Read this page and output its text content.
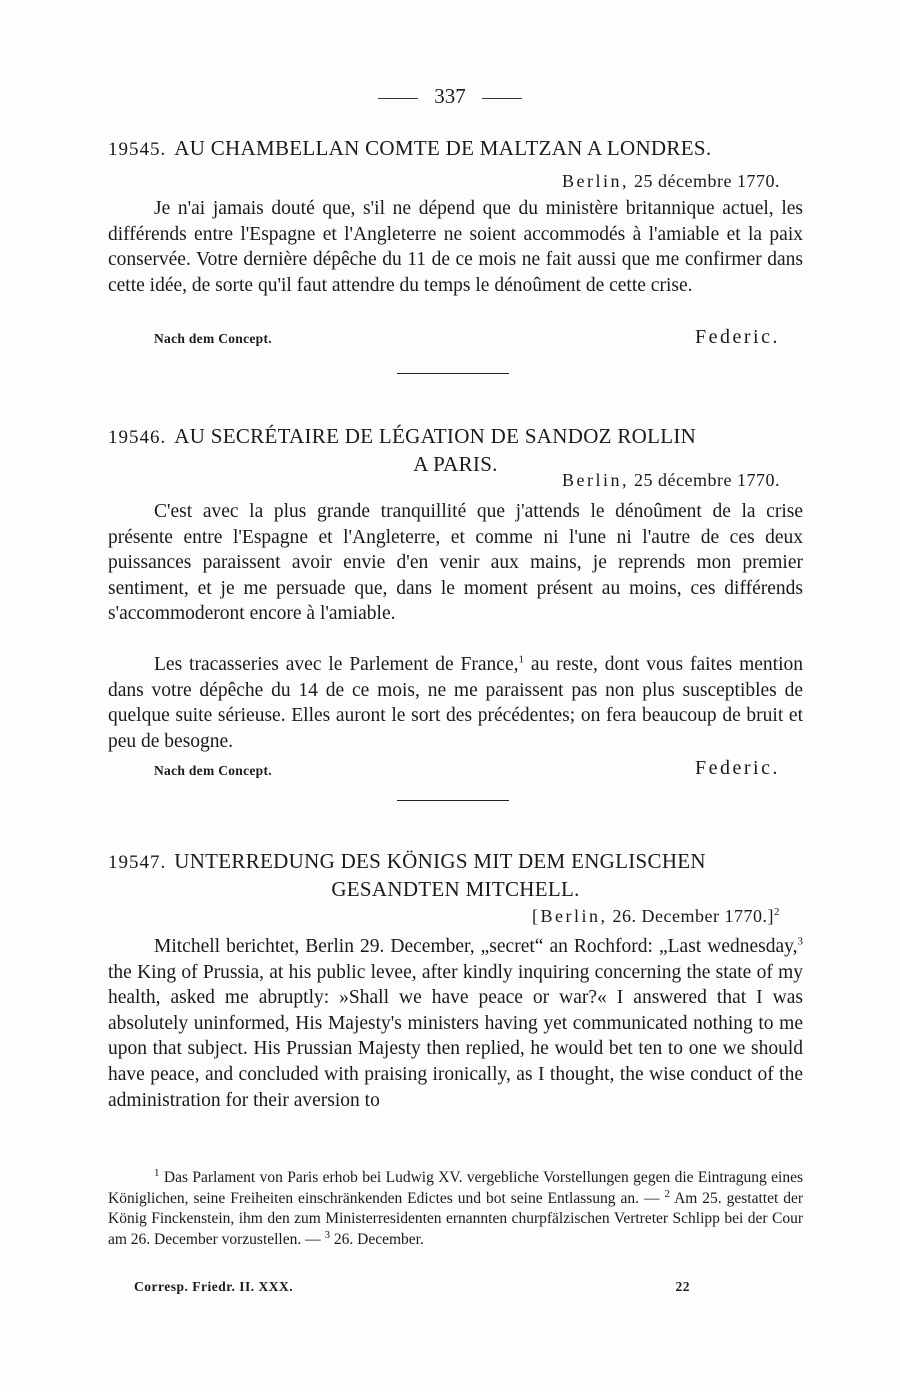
337
19545. AU CHAMBELLAN COMTE DE MALTZAN A LONDRES.
Berlin, 25 décembre 1770.

Je n'ai jamais douté que, s'il ne dépend que du ministère britannique actuel, les différends entre l'Espagne et l'Angleterre ne soient accommodés à l'amiable et la paix conservée. Votre dernière dépêche du 11 de ce mois ne fait aussi que me confirmer dans cette idée, de sorte qu'il faut attendre du temps le dénoûment de cette crise.

Nach dem Concept.	Federic.
19546. AU SECRÉTAIRE DE LÉGATION DE SANDOZ ROLLIN
A PARIS.
Berlin, 25 décembre 1770.

C'est avec la plus grande tranquillité que j'attends le dénoûment de la crise présente entre l'Espagne et l'Angleterre, et comme ni l'une ni l'autre de ces deux puissances paraissent avoir envie d'en venir aux mains, je reprends mon premier sentiment, et je me persuade que, dans le moment présent au moins, ces différends s'accommoderont encore à l'amiable.

Les tracasseries avec le Parlement de France,$^1$ au reste, dont vous faites mention dans votre dépêche du 14 de ce mois, ne me paraissent pas non plus susceptibles de quelque suite sérieuse. Elles auront le sort des précédentes; on fera beaucoup de bruit et peu de besogne.

Nach dem Concept.	Federic.
19547. UNTERREDUNG DES KÖNIGS MIT DEM ENGLISCHEN
GESANDTEN MITCHELL.
[Berlin, 26. December 1770.]$^2$

Mitchell berichtet, Berlin 29. December, „secret“ an Rochford: „Last wednesday,$^3$ the King of Prussia, at his public levee, after kindly inquiring concerning the state of my health, asked me abruptly: »Shall we have peace or war?« I answered that I was absolutely uninformed, His Majesty's ministers having yet communicated nothing to me upon that subject. His Prussian Majesty then replied, he would bet ten to one we should have peace, and concluded with praising ironically, as I thought, the wise conduct of the administration for their aversion to

$^1$ Das Parlament von Paris erhob bei Ludwig XV. vergebliche Vorstellungen gegen die Eintragung eines Königlichen, seine Freiheiten einschränkenden Edictes und bot seine Entlassung an. — $^2$ Am 25. gestattet der König Finckenstein, ihm den zum Ministerresidenten ernannten churpfälzischen Vertreter Schlipp bei der Cour am 26. December vorzustellen. — $^3$ 26. December.

Corresp. Friedr. II. XXX.	22
